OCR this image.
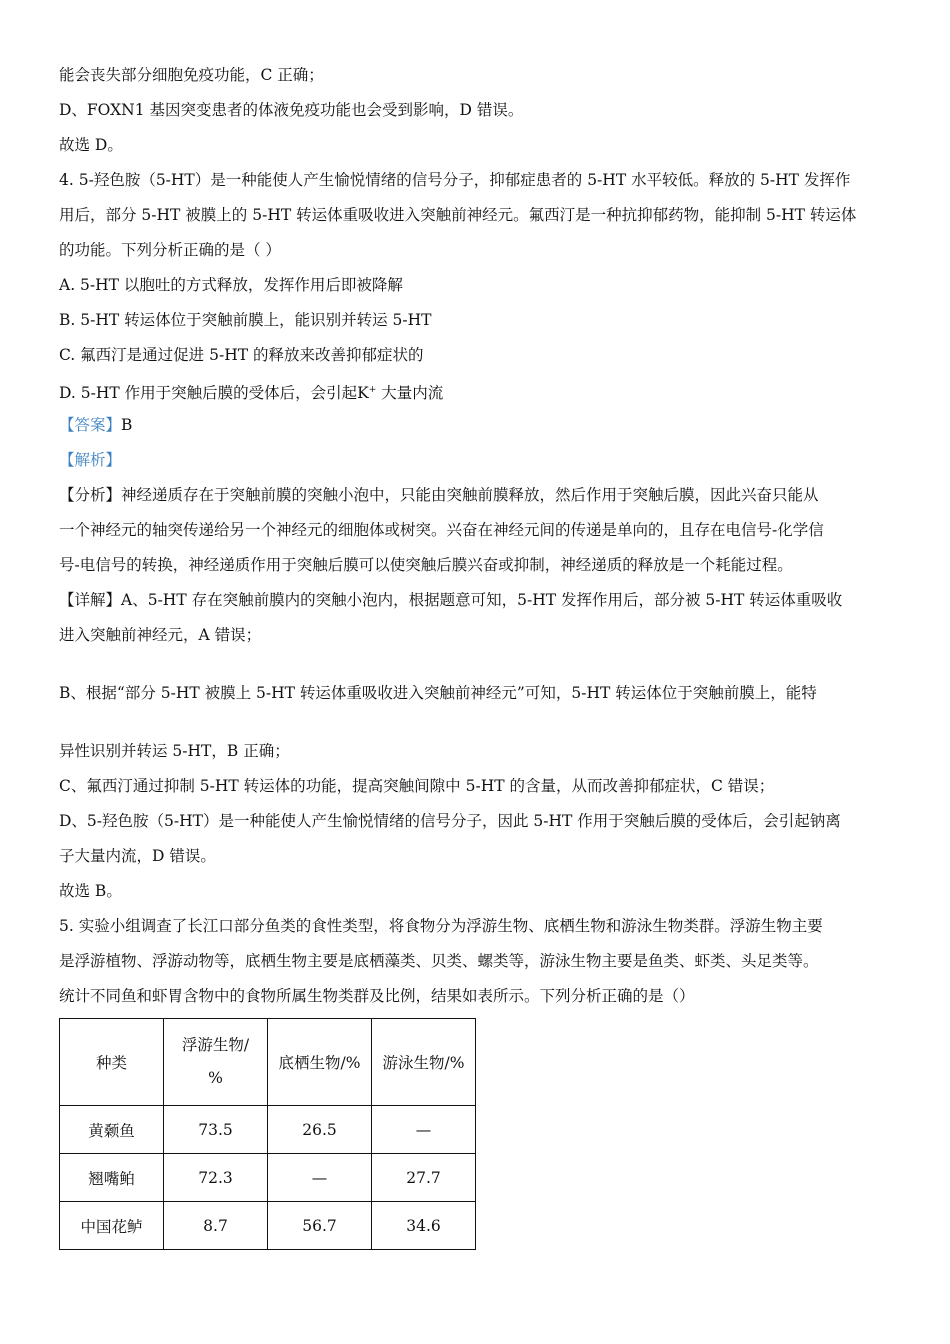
能会丧失部分细胞免疫功能，C 正确；
D、FOXN1 基因突变患者的体液免疫功能也会受到影响，D 错误。
故选 D。
4. 5-羟色胺（5-HT）是一种能使人产生愉悦情绪的信号分子，抑郁症患者的 5-HT 水平较低。释放的 5-HT 发挥作
用后，部分 5-HT 被膜上的 5-HT 转运体重吸收进入突触前神经元。氟西汀是一种抗抑郁药物，能抑制 5-HT 转运体
的功能。下列分析正确的是（ ）
A. 5-HT 以胞吐的方式释放，发挥作用后即被降解
B. 5-HT 转运体位于突触前膜上，能识别并转运 5-HT
C. 氟西汀是通过促进 5-HT 的释放来改善抑郁症状的
D. 5-HT 作用于突触后膜的受体后，会引起K+ 大量内流
【答案】B
【解析】
【分析】神经递质存在于突触前膜的突触小泡中，只能由突触前膜释放，然后作用于突触后膜，因此兴奋只能从
一个神经元的轴突传递给另一个神经元的细胞体或树突。兴奋在神经元间的传递是单向的，且存在电信号-化学信
号-电信号的转换，神经递质作用于突触后膜可以使突触后膜兴奋或抑制，神经递质的释放是一个耗能过程。
【详解】A、5-HT 存在突触前膜内的突触小泡内，根据题意可知，5-HT 发挥作用后，部分被 5-HT 转运体重吸收
进入突触前神经元，A 错误；
B、根据“部分 5-HT 被膜上 5-HT 转运体重吸收进入突触前神经元”可知，5-HT 转运体位于突触前膜上，能特
异性识别并转运 5-HT，B 正确；
C、氟西汀通过抑制 5-HT 转运体的功能，提高突触间隙中 5-HT 的含量，从而改善抑郁症状，C 错误；
D、5-羟色胺（5-HT）是一种能使人产生愉悦情绪的信号分子，因此 5-HT 作用于突触后膜的受体后，会引起钠离
子大量内流，D 错误。
故选 B。
5. 实验小组调查了长江口部分鱼类的食性类型，将食物分为浮游生物、底栖生物和游泳生物类群。浮游生物主要
是浮游植物、浮游动物等，底栖生物主要是底栖藻类、贝类、螺类等，游泳生物主要是鱼类、虾类、头足类等。
统计不同鱼和虾胃含物中的食物所属生物类群及比例，结果如表所示。下列分析正确的是（）
种类	浮游生物/
%	底栖生物/%	游泳生物/%
黄颡鱼	73.5	26.5	—
翘嘴鲌	72.3	—	27.7
中国花鲈	8.7	56.7	34.6
